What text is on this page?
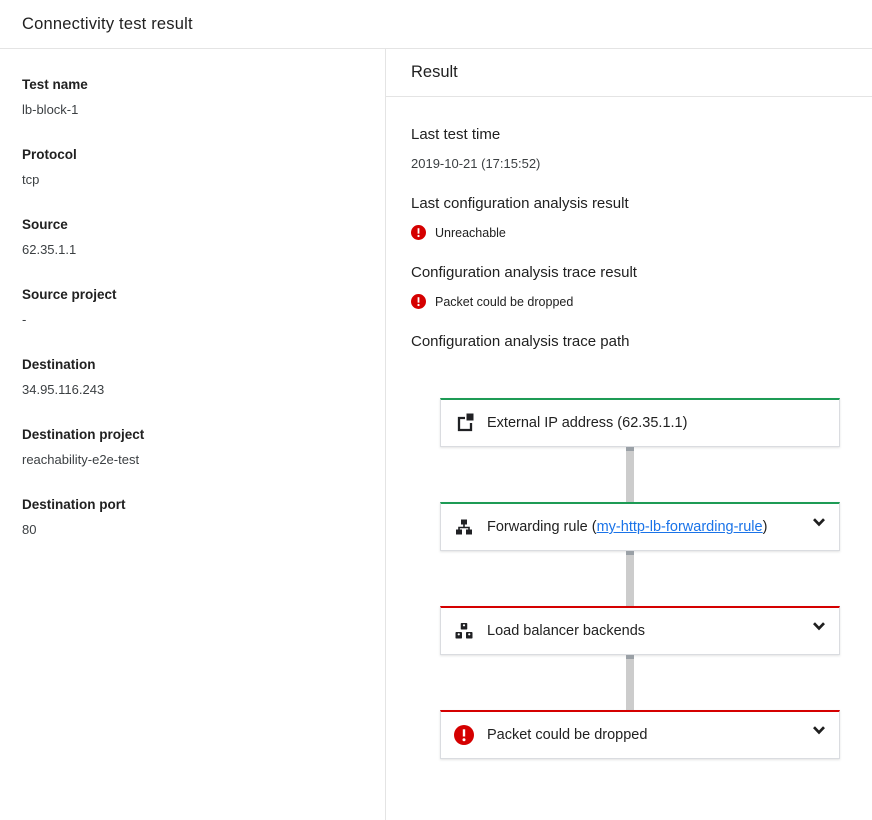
Connectivity test result
Test name
lb-block-1
Protocol
tcp
Source
62.35.1.1
Source project
-
Destination
34.95.116.243
Destination project
reachability-e2e-test
Destination port
80
Result
Last test time
2019-10-21 (17:15:52)
Last configuration analysis result
Unreachable
Configuration analysis trace result
Packet could be dropped
Configuration analysis trace path
External IP address (62.35.1.1)
Forwarding rule (my-http-lb-forwarding-rule)
Load balancer backends
Packet could be dropped
